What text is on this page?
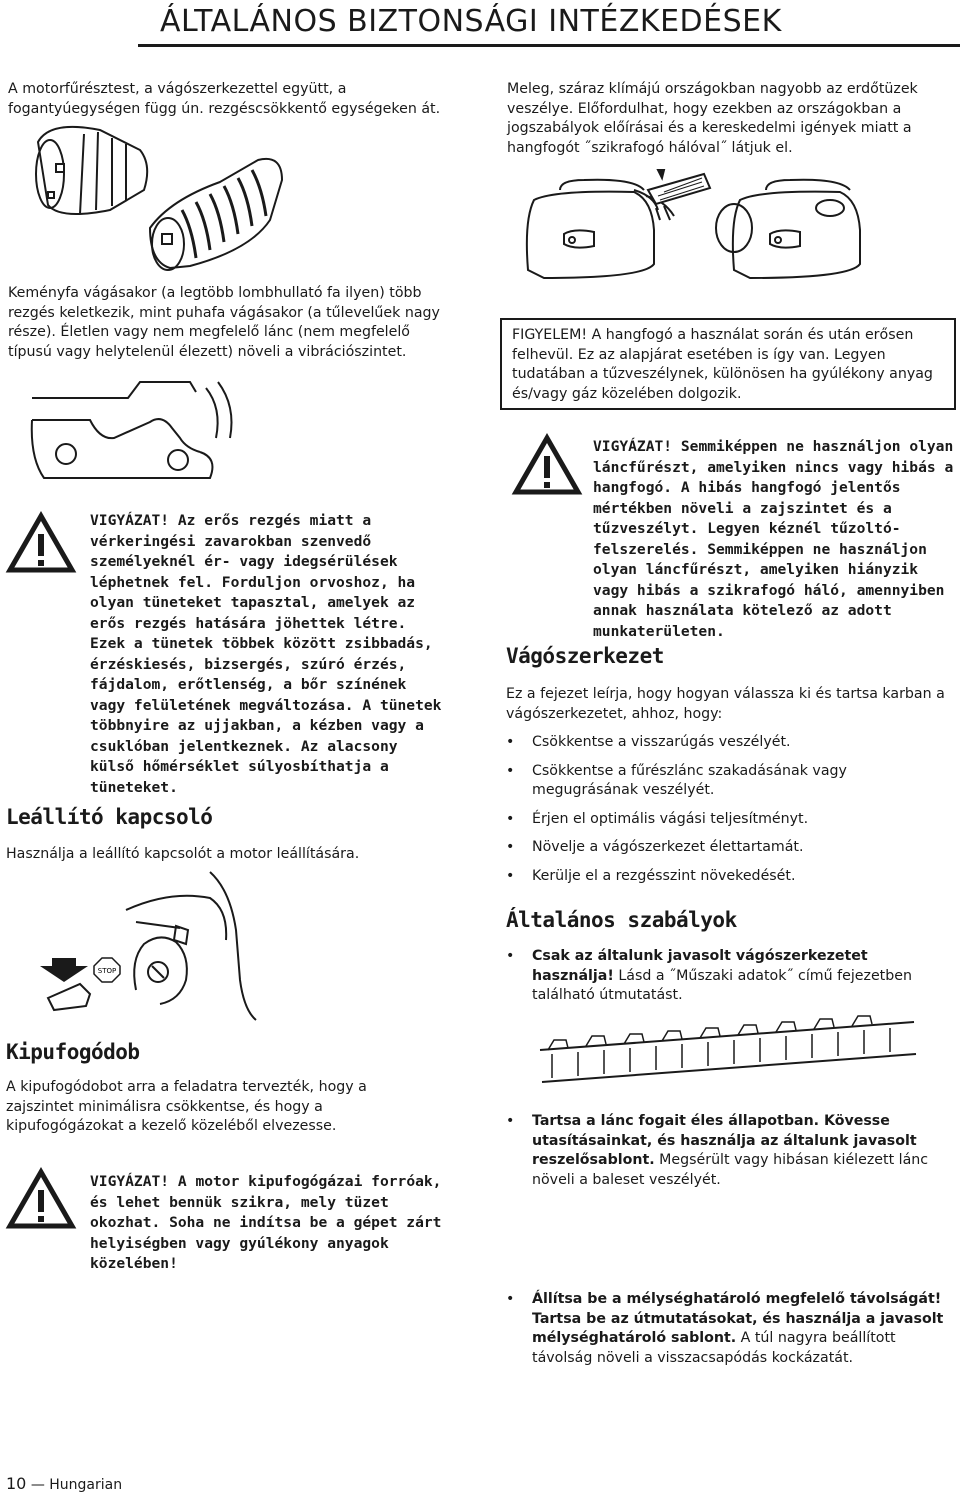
ÁLTALÁNOS BIZTONSÁGI INTÉZKEDÉSEK
A motorfűrésztest, a vágószerkezettel együtt, a fogantyúegységen függ ún. rezgéscsökkentő egységeken át.
Keményfa vágásakor (a legtöbb lombhullató fa ilyen) több rezgés keletkezik, mint puhafa vágásakor (a tűlevelűek nagy része). Életlen vagy nem megfelelő lánc (nem megfelelő típusú vagy helytelenül élezett) növeli a vibrációszintet.
VIGYÁZAT! Az erős rezgés miatt a vérkeringési zavarokban szenvedő személyeknél ér- vagy idegsérülések léphetnek fel. Forduljon orvoshoz, ha olyan tüneteket tapasztal, amelyek az erős rezgés hatására jöhettek létre. Ezek a tünetek többek között zsibbadás, érzéskiesés, bizsergés, szúró érzés, fájdalom, erőtlenség, a bőr színének vagy felületének megváltozása. A tünetek többnyire az ujjakban, a kézben vagy a csuklóban jelentkeznek. Az alacsony külső hőmérséklet súlyosbíthatja a tüneteket.
Leállító kapcsoló
Használja a leállító kapcsolót a motor leállítására.
STOP
Kipufogódob
A kipufogódobot arra a feladatra tervezték, hogy a zajszintet minimálisra csökkentse, és hogy a kipufogógázokat a kezelő közeléből elvezesse.
VIGYÁZAT! A motor kipufogógázai forróak, és lehet bennük szikra, mely tüzet okozhat. Soha ne indítsa be a gépet zárt helyiségben vagy gyúlékony anyagok közelében!
Meleg, száraz klímájú országokban nagyobb az erdőtüzek veszélye. Előfordulhat, hogy ezekben az országokban a jogszabályok előírásai és a kereskedelmi igények miatt a hangfogót ˝szikrafogó hálóval˝ látjuk el.
FIGYELEM! A hangfogó a használat során és után erősen felhevül. Ez az alapjárat esetében is így van. Legyen tudatában a tűzveszélynek, különösen ha gyúlékony anyag és/vagy gáz közelében dolgozik.
VIGYÁZAT! Semmiképpen ne használjon olyan láncfűrészt, amelyiken nincs vagy hibás a hangfogó. A hibás hangfogó jelentős mértékben növeli a zajszintet és a tűzveszélyt. Legyen kéznél tűzoltó-felszerelés. Semmiképpen ne használjon olyan láncfűrészt, amelyiken hiányzik vagy hibás a szikrafogó háló, amennyiben annak használata kötelező az adott munkaterületen.
Vágószerkezet
Ez a fejezet leírja, hogy hogyan válassza ki és tartsa karban a vágószerkezetet, ahhoz, hogy:
• Csökkentse a visszarúgás veszélyét.
• Csökkentse a fűrészlánc szakadásának vagy megugrásának veszélyét.
• Érjen el optimális vágási teljesítményt.
• Növelje a vágószerkezet élettartamát.
• Kerülje el a rezgésszint növekedését.
Általános szabályok
• Csak az általunk javasolt vágószerkezetet használja! Lásd a ˝Műszaki adatok˝ című fejezetben található útmutatást.
• Tartsa a lánc fogait éles állapotban. Kövesse utasításainkat, és használja az általunk javasolt reszelősablont. Megsérült vagy hibásan kiélezett lánc növeli a baleset veszélyét.
• Állítsa be a mélységhatároló megfelelő távolságát! Tartsa be az útmutatásokat, és használja a javasolt mélységhatároló sablont. A túl nagyra beállított távolság növeli a visszacsapódás kockázatát.
10 — Hungarian
